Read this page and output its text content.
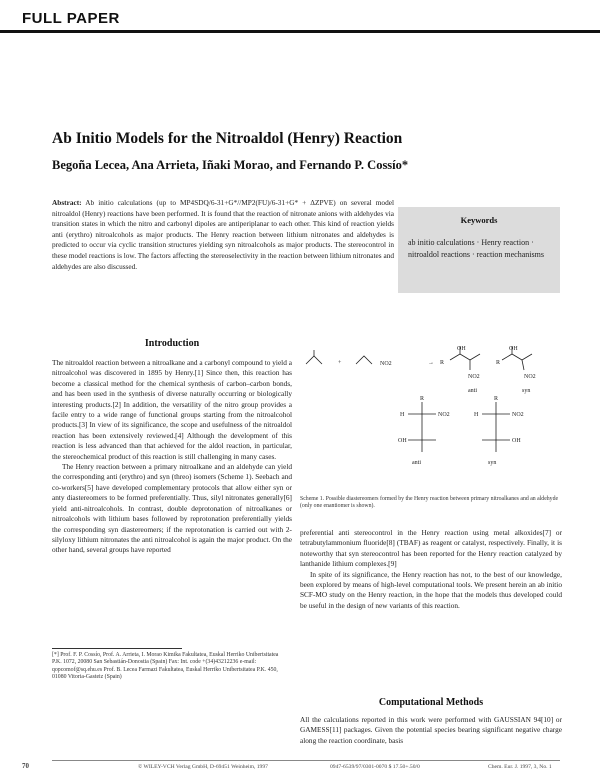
FULL PAPER
Ab Initio Models for the Nitroaldol (Henry) Reaction
Begoña Lecea, Ana Arrieta, Iñaki Morao, and Fernando P. Cossío*
Abstract: Ab initio calculations (up to MP4SDQ/6-31+G*//MP2(FU)/6-31+G* + ΔZPVE) on several model nitroaldol (Henry) reactions have been performed. It is found that the reaction of nitronate anions with aldehydes via transition states in which the nitro and carbonyl dipoles are antiperiplanar to each other. This kind of reaction yields anti (erythro) nitroalcohols as major products. The Henry reaction between lithium nitronates and aldehydes is predicted to occur via cyclic transition structures yielding syn nitroalcohols as major products. The stereocontrol in these model reactions is low. The factors affecting the stereoselectivity in the reaction between lithium nitronates and aldehydes are also discussed.
Keywords
ab initio calculations · Henry reaction · nitroaldol reactions · reaction mechanisms
Introduction

The nitroaldol reaction between a nitroalkane and a carbonyl compound to yield a nitroalcohol was discovered in 1895 by Henry.[1] Since then, this reaction has become a classical method for the chemical synthesis of carbon–carbon bonds, and has been used in the synthesis of diverse naturally occurring or biologically interesting products.[2] In addition, the versatility of the nitro group provides a facile entry to a wide range of functional groups starting from the nitroalcohol products.[3] In view of its significance, the scope and usefulness of the nitroaldol reaction has been extensively reviewed.[4] Although the development of this reaction is less advanced than that achieved for the aldol reaction, in particular, the stereochemical product of this reaction is still challenging in many cases.

The Henry reaction between a primary nitroalkane and an aldehyde can yield the corresponding anti (erythro) and syn (threo) isomers (Scheme 1). Seebach and co-workers[5] have developed complementary protocols that allow either syn or anty diastereomers to be formed preferentially. Thus, silyl nitronates generally[6] yield anti-nitroalcohols. In contrast, double deprotonation of nitroalkanes or nitroalcohols with lithium bases followed by reprotonation preferentially yields the corresponding syn diastereomers; if the reprotonation is carried out with 2-silyloxy lithium nitronates the anti nitroalcohol is again the major product. On the other hand, several groups have reported

[*] Prof. F. P. Cossío, Prof. A. Arrieta, I. Morao Kimika Fakultatea, Euskal Herriko Unibertsitatea P.K. 1072, 20080 San Sebastián-Donostia (Spain) Fax: Int. code +(34)43212236 e-mail: qopcomof@sq.ehu.es Prof. B. Lecea Farmazi Fakultatea, Euskal Herriko Unibertsitatea P.K. 450, 01080 Vitoria-Gasteiz (Spain)
NO2
+	→ R	R
OH	OH
NO2	NO2
anti	syn
R
NO2
H
OH
R
NO2
H
OH
anti	syn
Scheme 1. Possible diastereomers formed by the Henry reaction between primary nitroalkanes and an aldehyde (only one enantiomer is shown).

preferential anti stereocontrol in the Henry reaction using metal alkoxides[7] or tetrabutylammonium fluoride[8] (TBAF) as reagent or catalyst, respectively. Finally, it is noteworthy that syn stereocontrol has been reported for the Henry reaction catalyzed by lanthanide lithium complexes.[9]

In spite of its significance, the Henry reaction has not, to the best of our knowledge, been explored by means of high-level computational tools. We present herein an ab initio SCF-MO study on the Henry reaction, in the hope that the models thus developed could be useful in the design of new variants of this reaction.

Computational Methods

All the calculations reported in this work were performed with GAUSSIAN 94[10] or GAMESS[11] packages. Given the potential species bearing significant negative charge along the reaction coordinate, basis

70	© WILEY-VCH Verlag GmbH, D-69451 Weinheim, 1997	0947-6539/97/0301-0070 $ 17.50+.50/0	Chem. Eur. J. 1997, 3, No. 1
